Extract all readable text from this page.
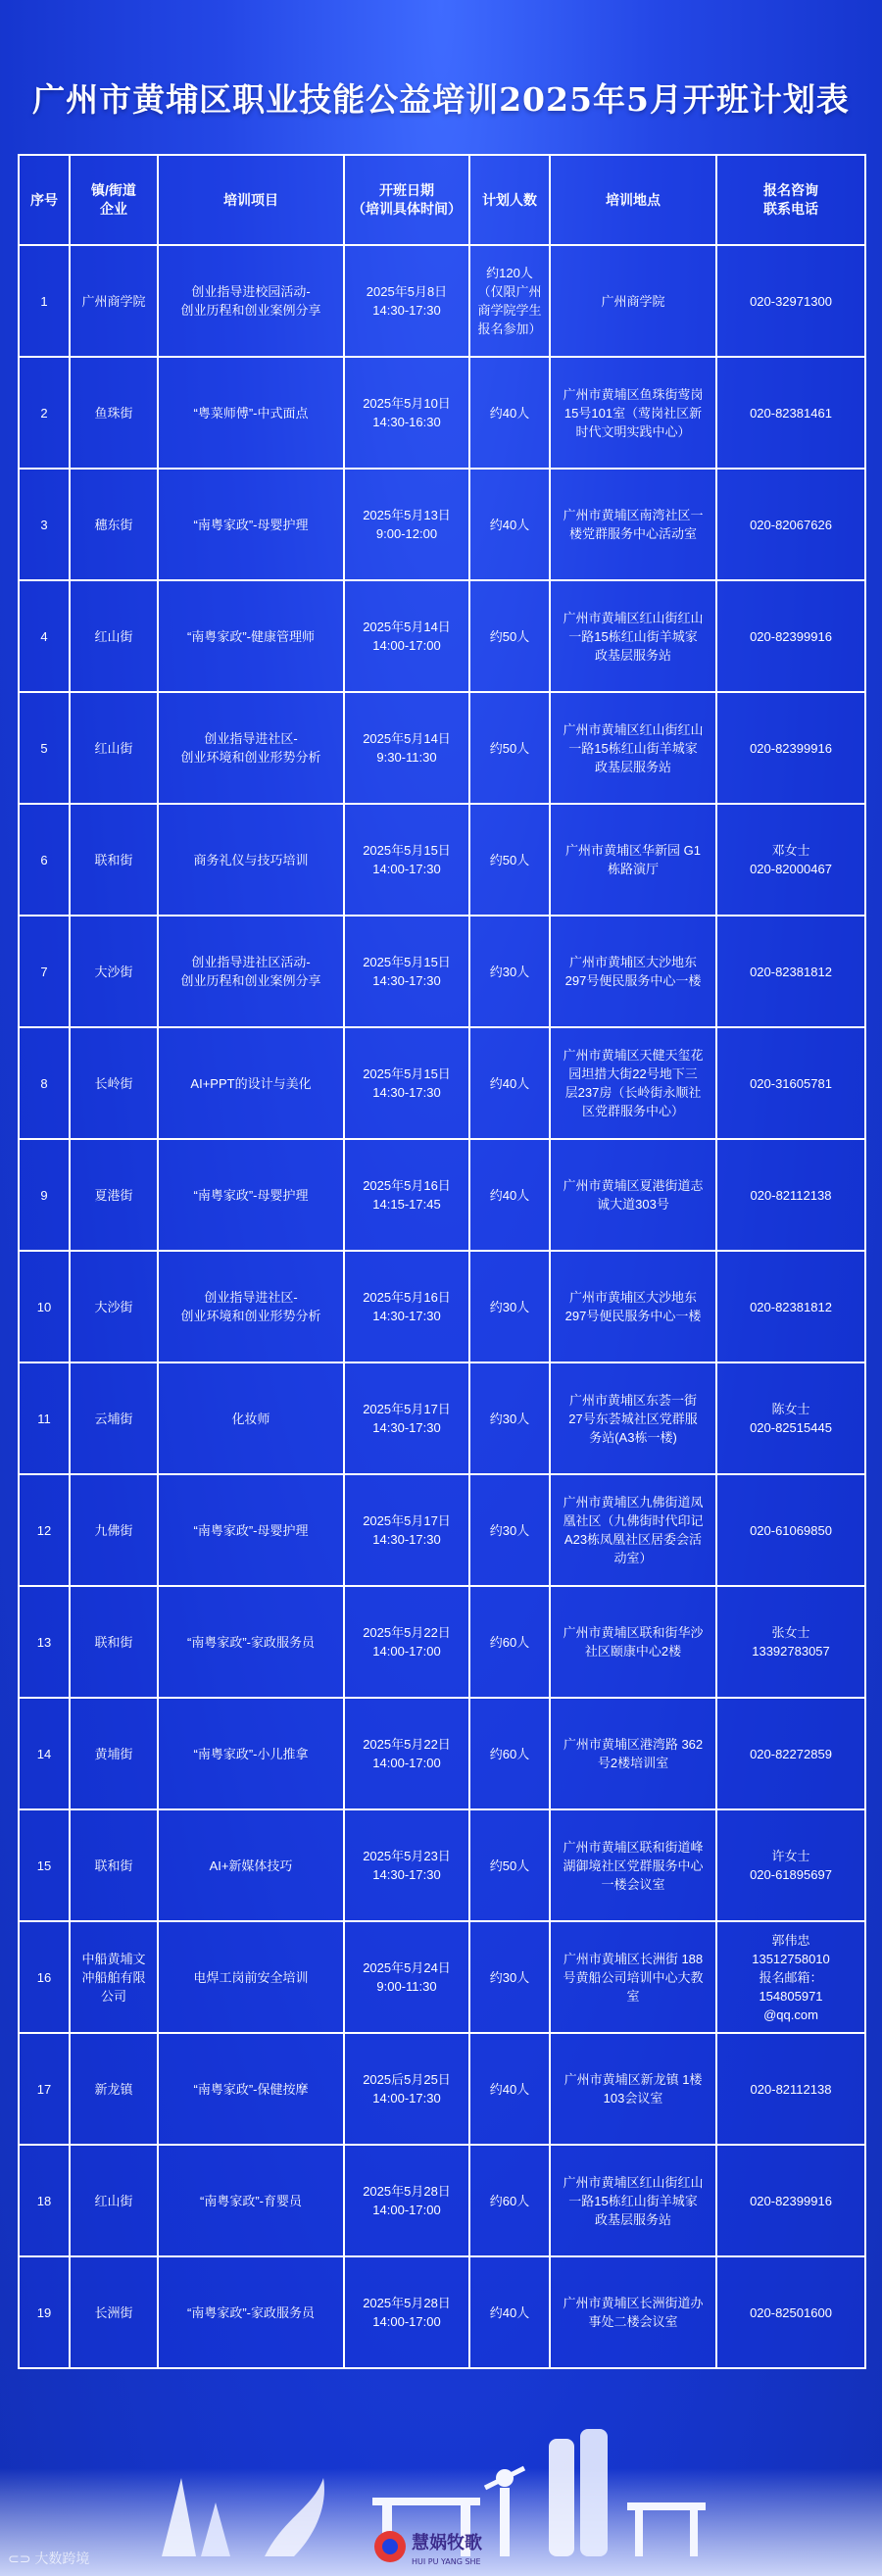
广州市黄埔区职业技能公益培训2025年5月开班计划表
序号	镇/街道
企业	培训项目	开班日期
（培训具体时间）	计划人数	培训地点	报名咨询
联系电话
1	广州商学院	创业指导进校园活动-
创业历程和创业案例分享	2025年5月8日
14:30-17:30	约120人
（仅限广州
商学院学生
报名参加）	广州商学院	020-32971300
2	鱼珠街	“粤菜师傅”-中式面点	2025年5月10日
14:30-16:30	约40人	广州市黄埔区鱼珠街莺岗
15号101室（莺岗社区新
时代文明实践中心）	020-82381461
3	穗东街	“南粤家政”-母婴护理	2025年5月13日
9:00-12:00	约40人	广州市黄埔区南湾社区一
楼党群服务中心活动室	020-82067626
4	红山街	“南粤家政”-健康管理师	2025年5月14日
14:00-17:00	约50人	广州市黄埔区红山街红山
一路15栋红山街羊城家
政基层服务站	020-82399916
5	红山街	创业指导进社区-
创业环境和创业形势分析	2025年5月14日
9:30-11:30	约50人	广州市黄埔区红山街红山
一路15栋红山街羊城家
政基层服务站	020-82399916
6	联和街	商务礼仪与技巧培训	2025年5月15日
14:00-17:30	约50人	广州市黄埔区华新园 G1
栋路演厅	邓女士
020-82000467
7	大沙街	创业指导进社区活动-
创业历程和创业案例分享	2025年5月15日
14:30-17:30	约30人	广州市黄埔区大沙地东
297号便民服务中心一楼	020-82381812
8	长岭街	AI+PPT的设计与美化	2025年5月15日
14:30-17:30	约40人	广州市黄埔区天健天玺花
园坦措大街22号地下三
层237房（长岭街永顺社
区党群服务中心）	020-31605781
9	夏港街	“南粤家政”-母婴护理	2025年5月16日
14:15-17:45	约40人	广州市黄埔区夏港街道志
诚大道303号	020-82112138
10	大沙街	创业指导进社区-
创业环境和创业形势分析	2025年5月16日
14:30-17:30	约30人	广州市黄埔区大沙地东
297号便民服务中心一楼	020-82381812
11	云埔街	化妆师	2025年5月17日
14:30-17:30	约30人	广州市黄埔区东荟一街
27号东荟城社区党群服
务站(A3栋一楼)	陈女士
020-82515445
12	九佛街	“南粤家政”-母婴护理	2025年5月17日
14:30-17:30	约30人	广州市黄埔区九佛街道凤
凰社区（九佛街时代印记
A23栋凤凰社区居委会活
动室）	020-61069850
13	联和街	“南粤家政”-家政服务员	2025年5月22日
14:00-17:00	约60人	广州市黄埔区联和街华沙
社区颐康中心2楼	张女士
13392783057
14	黄埔街	“南粤家政”-小儿推拿	2025年5月22日
14:00-17:00	约60人	广州市黄埔区港湾路 362
号2楼培训室	020-82272859
15	联和街	AI+新媒体技巧	2025年5月23日
14:30-17:30	约50人	广州市黄埔区联和街道峰
湖御境社区党群服务中心
一楼会议室	许女士
020-61895697
16	中船黄埔文
冲船舶有限
公司	电焊工岗前安全培训	2025年5月24日
9:00-11:30	约30人	广州市黄埔区长洲街 188
号黄船公司培训中心大教
室	郭伟忠
13512758010
报名邮箱：
154805971
@qq.com
17	新龙镇	“南粤家政”-保健按摩	2025后5月25日
14:00-17:30	约40人	广州市黄埔区新龙镇 1楼
103会议室	020-82112138
18	红山街	“南粤家政”-育婴员	2025年5月28日
14:00-17:00	约60人	广州市黄埔区红山街红山
一路15栋红山街羊城家
政基层服务站	020-82399916
19	长洲街	“南粤家政”-家政服务员	2025年5月28日
14:00-17:00	约40人	广州市黄埔区长洲街道办
事处二楼会议室	020-82501600
慧娲牧歌
HUI PU YANG SHE
⊂⊃ 大数跨境
